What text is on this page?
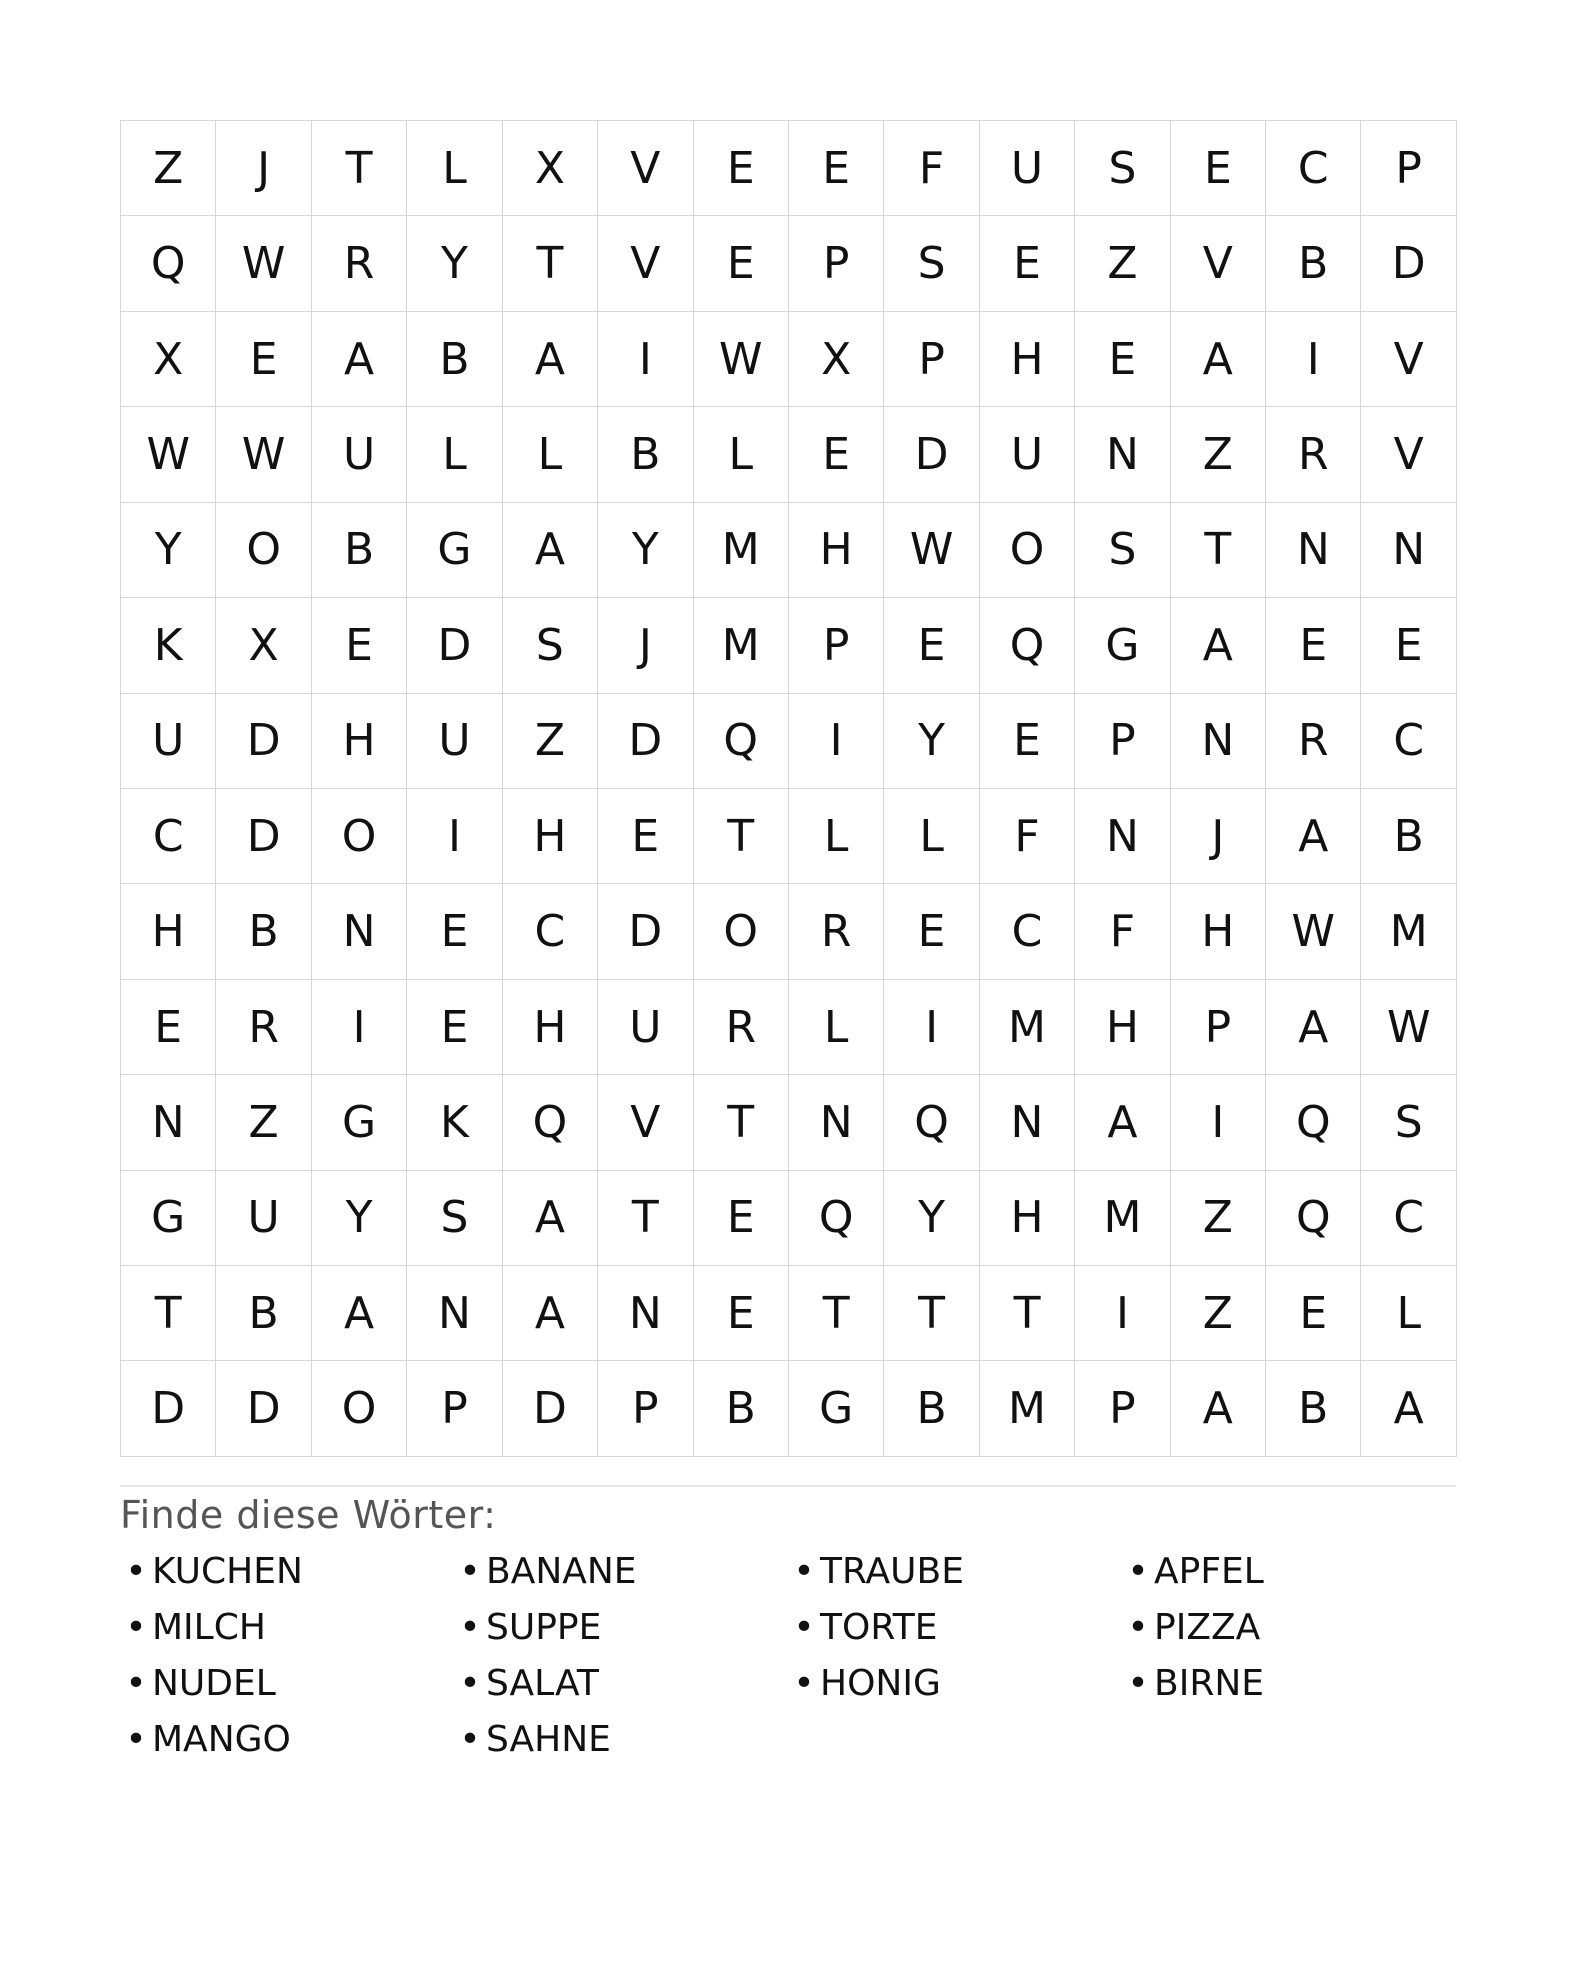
Z	J	T	L	X	V	E	E	F	U	S	E	C	P
Q	W	R	Y	T	V	E	P	S	E	Z	V	B	D
X	E	A	B	A	I	W	X	P	H	E	A	I	V
W	W	U	L	L	B	L	E	D	U	N	Z	R	V
Y	O	B	G	A	Y	M	H	W	O	S	T	N	N
K	X	E	D	S	J	M	P	E	Q	G	A	E	E
U	D	H	U	Z	D	Q	I	Y	E	P	N	R	C
C	D	O	I	H	E	T	L	L	F	N	J	A	B
H	B	N	E	C	D	O	R	E	C	F	H	W	M
E	R	I	E	H	U	R	L	I	M	H	P	A	W
N	Z	G	K	Q	V	T	N	Q	N	A	I	Q	S
G	U	Y	S	A	T	E	Q	Y	H	M	Z	Q	C
T	B	A	N	A	N	E	T	T	T	I	Z	E	L
D	D	O	P	D	P	B	G	B	M	P	A	B	A
Finde diese Wörter:
• KUCHEN	• BANANE	• TRAUBE	• APFEL
• MILCH	• SUPPE	• TORTE	• PIZZA
• NUDEL	• SALAT	• HONIG	• BIRNE
• MANGO	• SAHNE
